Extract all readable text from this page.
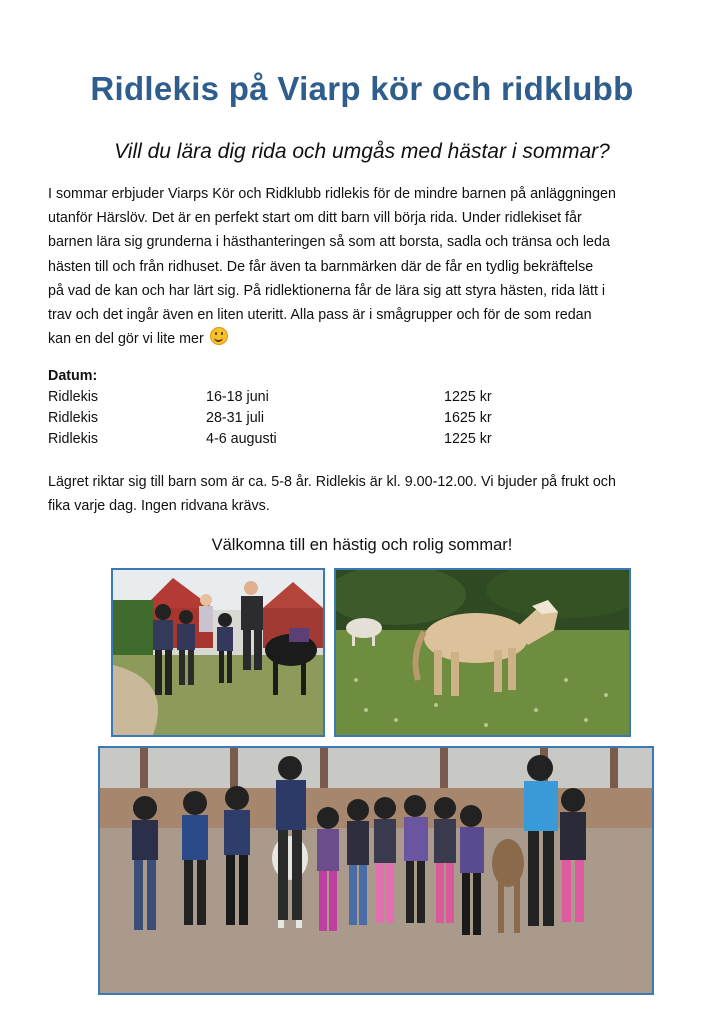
Ridlekis på Viarp kör och ridklubb
Vill du lära dig rida och umgås med hästar i sommar?

I sommar erbjuder Viarps Kör och Ridklubb ridlekis för de mindre barnen på anläggningen

utanför Härslöv. Det är en perfekt start om ditt barn vill börja rida. Under ridlekiset får

barnen lära sig grunderna i hästhanteringen så som att borsta, sadla och tränsa och leda

hästen till och från ridhuset. De får även ta barnmärken där de får en tydlig bekräftelse

på vad de kan och har lärt sig. På ridlektionerna får de lära sig att styra hästen, rida lätt i

trav och det ingår även en liten uteritt. Alla pass är i smågrupper och för de som redan

kan en del gör vi lite mer

Datum:
Ridlekis	16-18 juni	1225 kr
Ridlekis	28-31 juli	1625 kr
Ridlekis	4-6 augusti	1225 kr
Lägret riktar sig till barn som är ca. 5-8 år. Ridlekis är kl. 9.00-12.00. Vi bjuder på frukt och
fika varje dag. Ingen ridvana krävs.
Välkomna till en hästig och rolig sommar!
